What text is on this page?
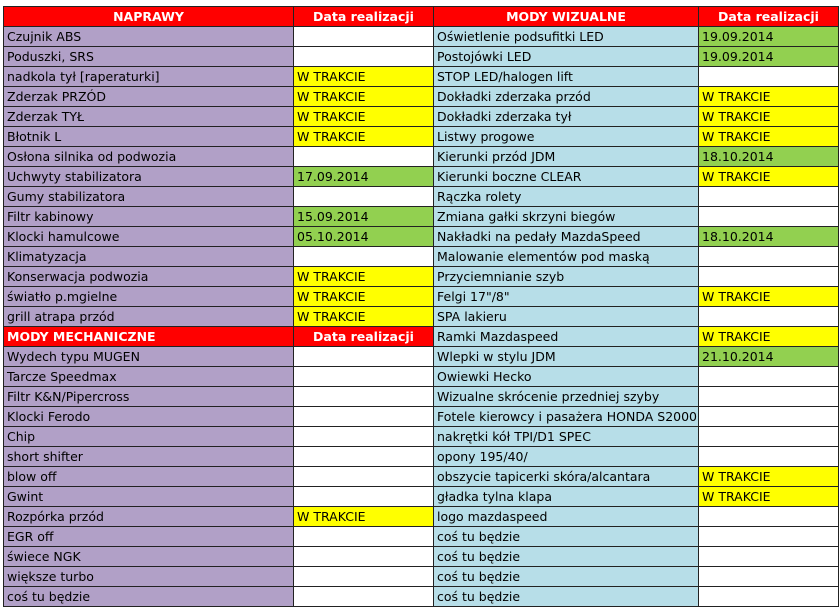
NAPRAWY	Data realizacji	MODY WIZUALNE	Data realizacji
Czujnik ABS		Oświetlenie podsufitki LED	19.09.2014
Poduszki, SRS		Postojówki LED	19.09.2014
nadkola tył [raperaturki]	W TRAKCIE	STOP LED/halogen lift	
Zderzak PRZÓD	W TRAKCIE	Dokładki zderzaka przód	W TRAKCIE
Zderzak TYŁ	W TRAKCIE	Dokładki zderzaka tył	W TRAKCIE
Błotnik L	W TRAKCIE	Listwy progowe	W TRAKCIE
Osłona silnika od podwozia		Kierunki przód JDM	18.10.2014
Uchwyty stabilizatora	17.09.2014	Kierunki boczne CLEAR	W TRAKCIE
Gumy stabilizatora		Rączka rolety	
Filtr kabinowy	15.09.2014	Zmiana gałki skrzyni biegów	
Klocki hamulcowe	05.10.2014	Nakładki na pedały MazdaSpeed	18.10.2014
Klimatyzacja		Malowanie elementów pod maską	
Konserwacja podwozia	W TRAKCIE	Przyciemnianie szyb	
światło p.mgielne	W TRAKCIE	Felgi 17"/8"	W TRAKCIE
grill atrapa przód	W TRAKCIE	SPA lakieru	
MODY MECHANICZNE	Data realizacji	Ramki Mazdaspeed	W TRAKCIE
Wydech typu MUGEN		Wlepki w stylu JDM	21.10.2014
Tarcze Speedmax		Owiewki Hecko	
Filtr K&N/Pipercross		Wizualne skrócenie przedniej szyby	
Klocki Ferodo		Fotele kierowcy i pasażera HONDA S2000	
Chip		nakrętki kół TPI/D1 SPEC	
short shifter		opony 195/40/	
blow off		obszycie tapicerki skóra/alcantara	W TRAKCIE
Gwint		gładka tylna klapa	W TRAKCIE
Rozpórka przód	W TRAKCIE	logo mazdaspeed	
EGR off		coś tu będzie	
świece NGK		coś tu będzie	
większe turbo		coś tu będzie	
coś tu będzie		coś tu będzie	
